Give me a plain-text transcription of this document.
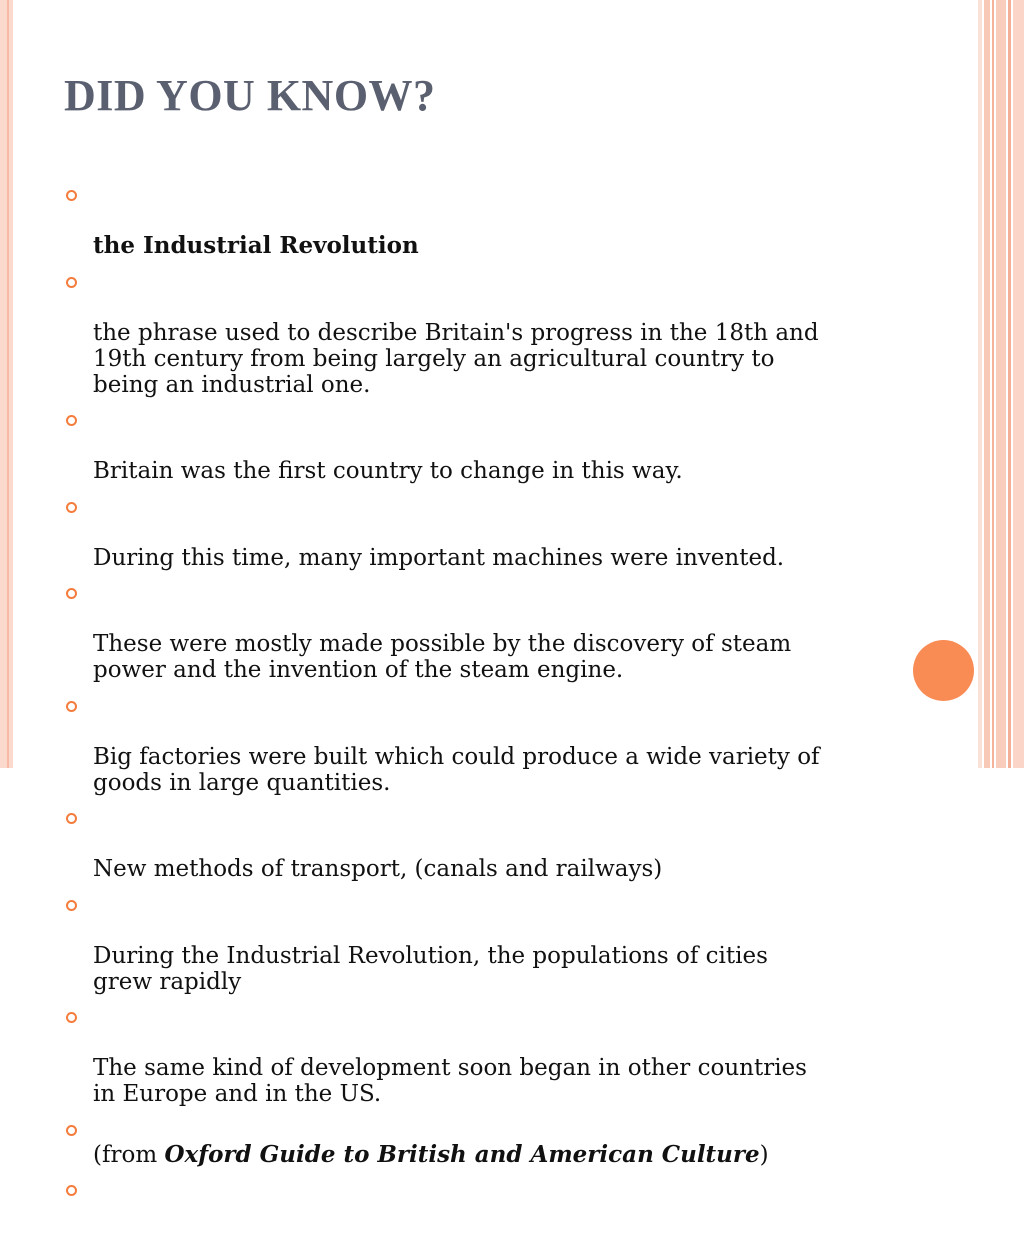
DID YOU KNOW?

the Industrial Revolution

the phrase used to describe Britain's progress in the 18th and
19th century from being largely an agricultural country to
being an industrial one.

Britain was the first country to change in this way.

During this time, many important machines were invented.

These were mostly made possible by the discovery of steam
power and the invention of the steam engine.

Big factories were built which could produce a wide variety of
goods in large quantities.

New methods of transport, (canals and railways)

During the Industrial Revolution, the populations of cities
grew rapidly

The same kind of development soon began in other countries
in Europe and in the US.

(from Oxford Guide to British and American Culture)
